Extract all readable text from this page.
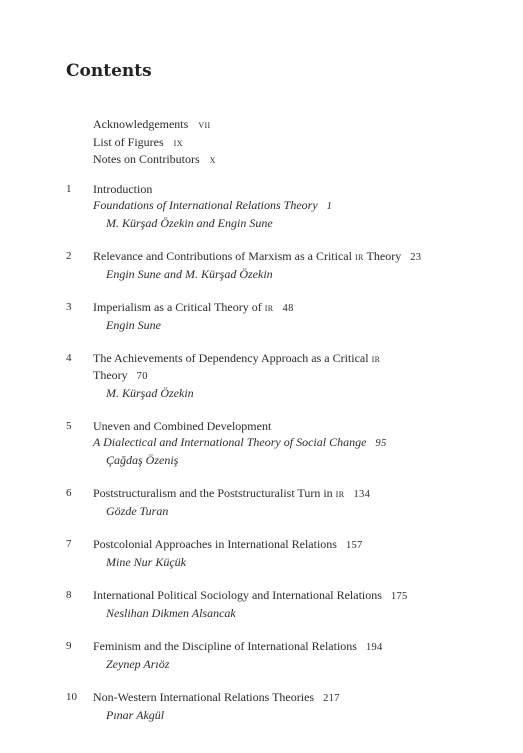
Contents
Acknowledgements vii
List of Figures ix
Notes on Contributors x
1 Introduction
Foundations of International Relations Theory 1
M. Kürşad Özekin and Engin Sune
2 Relevance and Contributions of Marxism as a Critical ir Theory 23
Engin Sune and M. Kürşad Özekin
3 Imperialism as a Critical Theory of ir 48
Engin Sune
4 The Achievements of Dependency Approach as a Critical ir
Theory 70
M. Kürşad Özekin
5 Uneven and Combined Development
A Dialectical and International Theory of Social Change 95
Çağdaş Özeniş
6 Poststructuralism and the Poststructuralist Turn in ir 134
Gözde Turan
7 Postcolonial Approaches in International Relations 157
Mine Nur Küçük
8 International Political Sociology and International Relations 175
Neslihan Dikmen Alsancak
9 Feminism and the Discipline of International Relations 194
Zeynep Arıöz
10 Non-Western International Relations Theories 217
Pınar Akgül
